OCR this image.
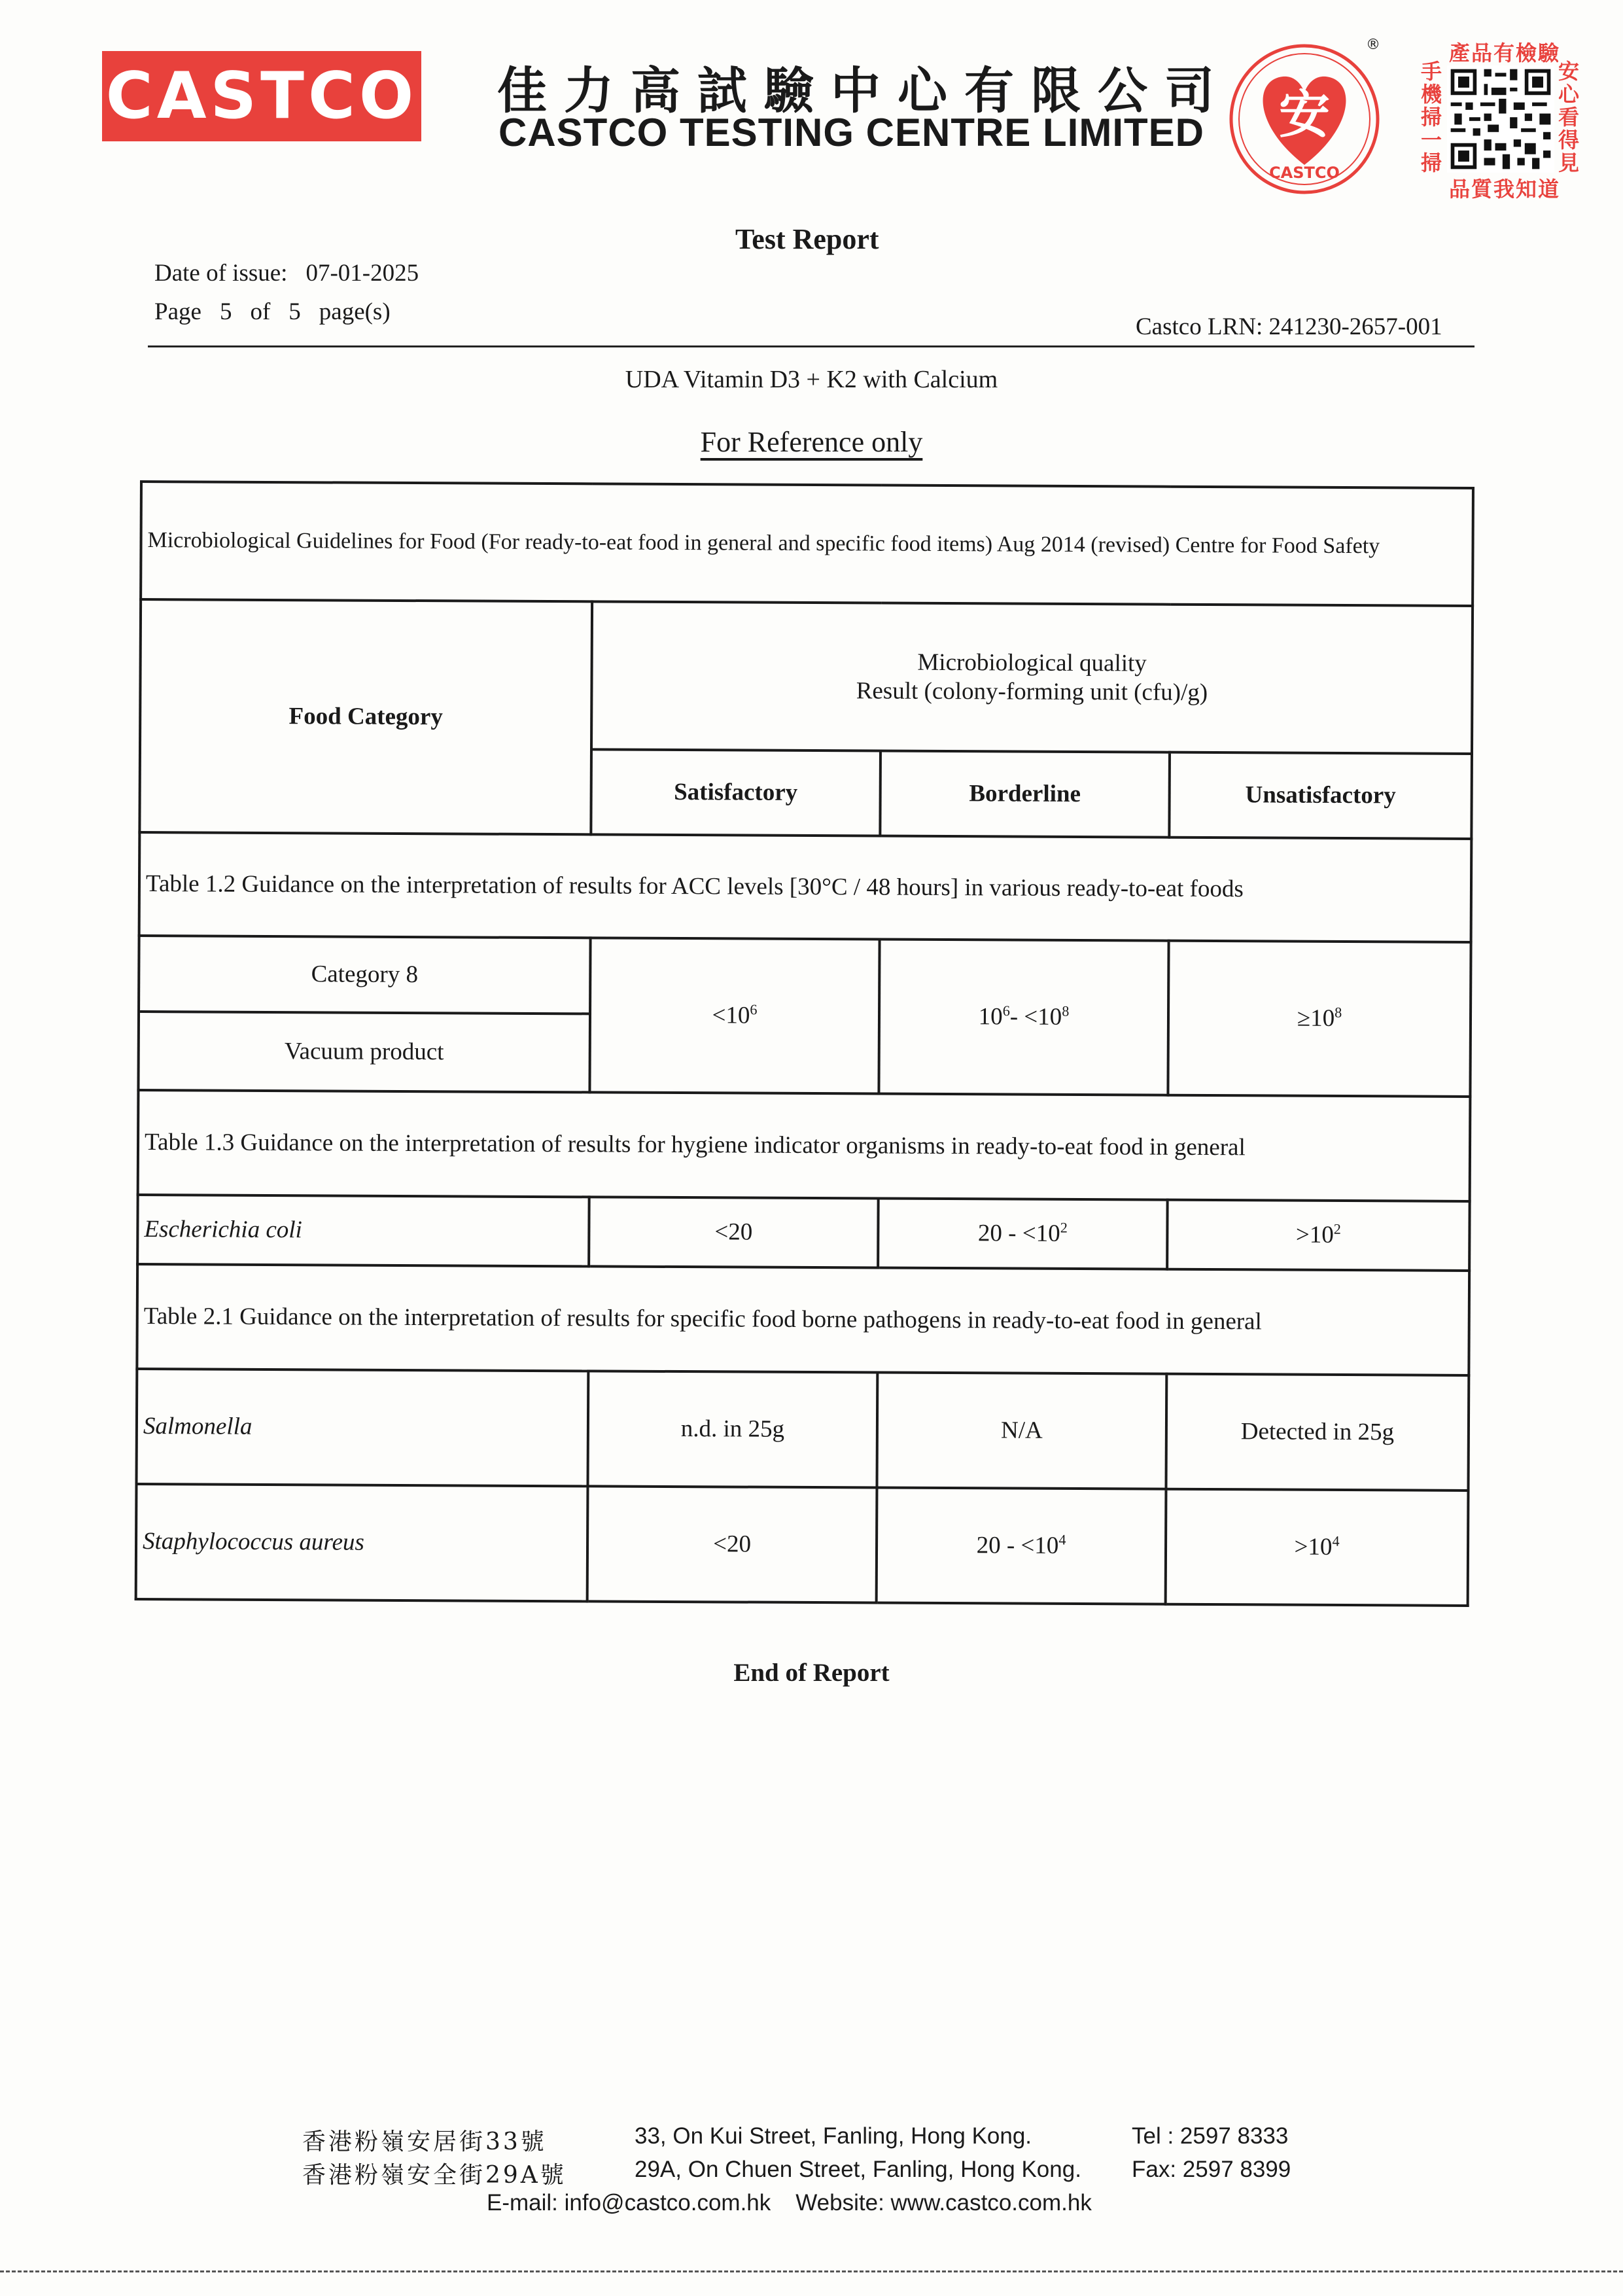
CASTCO 佳力高試驗中心有限公司
CASTCO TESTING CENTRE LIMITED 安
CASTCO
®	產品有檢驗
手機掃一掃
安心看得見
品質我知道
Test Report
Date of issue: 07-01-2025
Page 5 of 5 page(s)
Castco LRN: 241230-2657-001
UDA Vitamin D3 + K2 with Calcium
For Reference only
Microbiological Guidelines for Food (For ready-to-eat food in general and specific food items) Aug 2014 (revised) Centre for Food Safety			
Food Category	Microbiological quality
Result (colony-forming unit (cfu)/g)		

	Satisfactory	Borderline	Unsatisfactory
Table 1.2 Guidance on the interpretation of results for ACC levels [30°C / 48 hours] in various ready-to-eat foods			

Category 8
Vacuum product	$<10^6$	$10^6- <10^8$	$\ge 10^8$
Table 1.3 Guidance on the interpretation of results for hygiene indicator organisms in ready-to-eat food in general			
Escherichia coli	<20	$20 - <10^2$	$>10^2$
Table 2.1 Guidance on the interpretation of results for specific food borne pathogens in ready-to-eat food in general			
Salmonella	n.d. in 25g	N/A	Detected in 25g
Staphylococcus aureus	<20	$20 - <10^4$	$>10^4$
End of Report
香港粉嶺安居街33號	33, On Kui Street, Fanling, Hong Kong.	Tel : 2597 8333
香港粉嶺安全街29A號	29A, On Chuen Street, Fanling, Hong Kong. Fax: 2597 8399
E-mail: info@castco.com.hk Website: www.castco.com.hk
